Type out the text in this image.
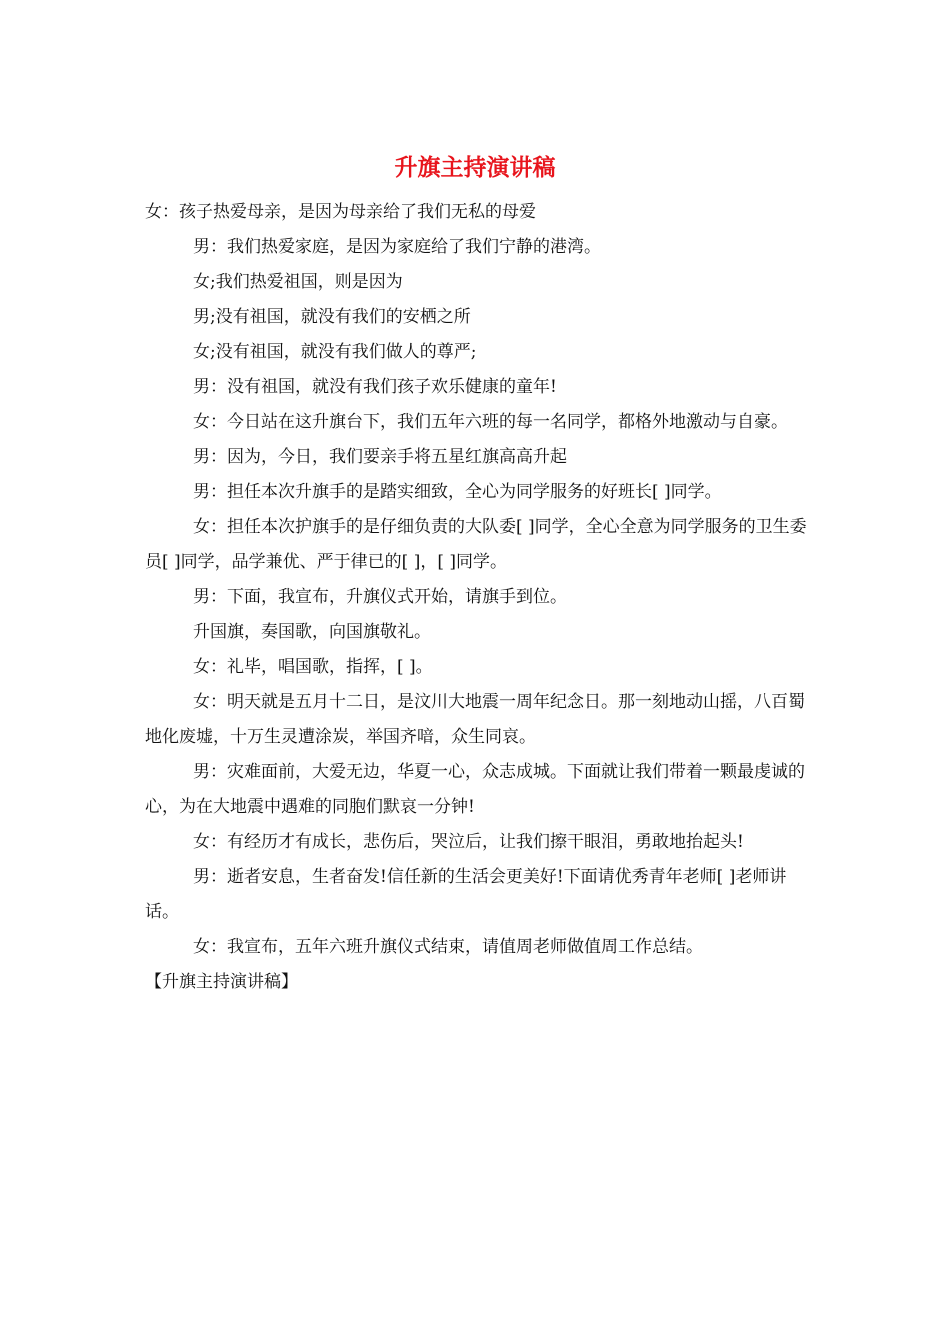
升旗主持演讲稿

女：孩子热爱母亲，是因为母亲给了我们无私的母爱

男：我们热爱家庭，是因为家庭给了我们宁静的港湾。

女;我们热爱祖国，则是因为

男;没有祖国，就没有我们的安栖之所

女;没有祖国，就没有我们做人的尊严;

男：没有祖国，就没有我们孩子欢乐健康的童年!

女：今日站在这升旗台下，我们五年六班的每一名同学，都格外地激动与自豪。

男：因为，今日，我们要亲手将五星红旗高高升起

男：担任本次升旗手的是踏实细致，全心为同学服务的好班长[ ]同学。

女：担任本次护旗手的是仔细负责的大队委[ ]同学，全心全意为同学服务的卫生委员[ ]同学，品学兼优、严于律已的[ ]，[ ]同学。

男：下面，我宣布，升旗仪式开始，请旗手到位。

升国旗，奏国歌，向国旗敬礼。

女：礼毕，唱国歌，指挥，[ ]。

女：明天就是五月十二日，是汶川大地震一周年纪念日。那一刻地动山摇，八百蜀地化废墟，十万生灵遭涂炭，举国齐喑，众生同哀。

男：灾难面前，大爱无边，华夏一心，众志成城。下面就让我们带着一颗最虔诚的心，为在大地震中遇难的同胞们默哀一分钟!

女：有经历才有成长，悲伤后，哭泣后，让我们擦干眼泪，勇敢地抬起头!

男：逝者安息，生者奋发!信任新的生活会更美好!下面请优秀青年老师[ ]老师讲话。

女：我宣布，五年六班升旗仪式结束，请值周老师做值周工作总结。

【升旗主持演讲稿】
